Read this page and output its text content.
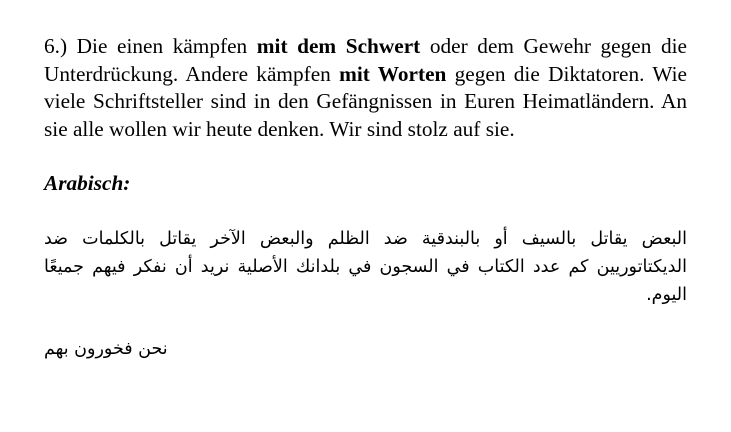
6.) Die einen kämpfen mit dem Schwert oder dem Gewehr gegen die Unterdrückung. Andere kämpfen mit Worten gegen die Diktatoren. Wie viele Schriftsteller sind in den Gefängnissen in Euren Heimatländern. An sie alle wollen wir heute denken. Wir sind stolz auf sie.

Arabisch:

البعض يقاتل بالسيف أو بالبندقية ضد الظلم والبعض الآخر يقاتل بالكلمات ضد الديكتاتوريين كم عدد الكتاب في السجون في بلدانك الأصلية نريد أن نفكر فيهم جميعًا اليوم.

نحن فخورون بهم
